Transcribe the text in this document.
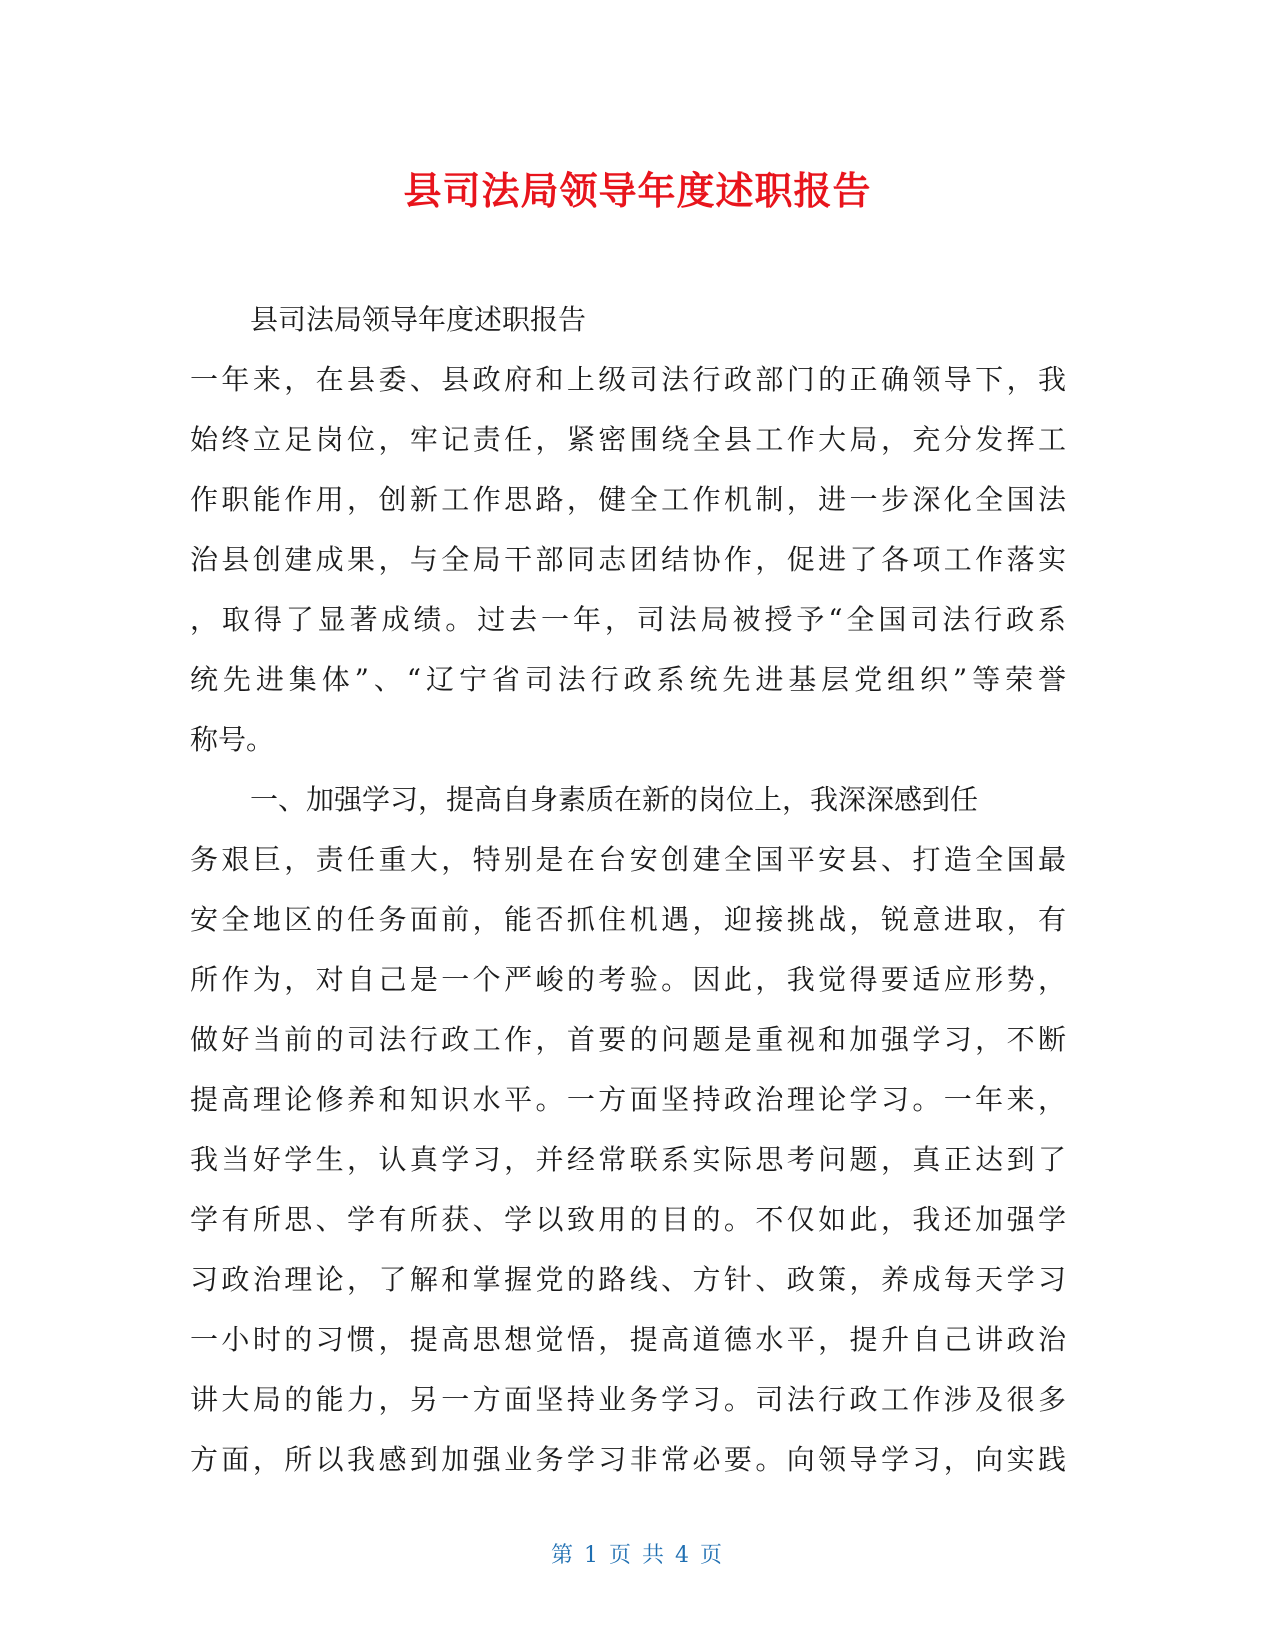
县司法局领导年度述职报告
县司法局领导年度述职报告
一年来，在县委、县政府和上级司法行政部门的正确领导下，我
始终立足岗位，牢记责任，紧密围绕全县工作大局，充分发挥工
作职能作用，创新工作思路，健全工作机制，进一步深化全国法
治县创建成果，与全局干部同志团结协作，促进了各项工作落实
，取得了显著成绩。过去一年，司法局被授予“全国司法行政系
统先进集体”、“辽宁省司法行政系统先进基层党组织”等荣誉
称号。
一、加强学习，提高自身素质在新的岗位上，我深深感到任
务艰巨，责任重大，特别是在台安创建全国平安县、打造全国最
安全地区的任务面前，能否抓住机遇，迎接挑战，锐意进取，有
所作为，对自己是一个严峻的考验。因此，我觉得要适应形势，
做好当前的司法行政工作，首要的问题是重视和加强学习，不断
提高理论修养和知识水平。一方面坚持政治理论学习。一年来，
我当好学生，认真学习，并经常联系实际思考问题，真正达到了
学有所思、学有所获、学以致用的目的。不仅如此，我还加强学
习政治理论，了解和掌握党的路线、方针、政策，养成每天学习
一小时的习惯，提高思想觉悟，提高道德水平，提升自己讲政治
讲大局的能力，另一方面坚持业务学习。司法行政工作涉及很多
方面，所以我感到加强业务学习非常必要。向领导学习，向实践
第 1 页 共 4 页
